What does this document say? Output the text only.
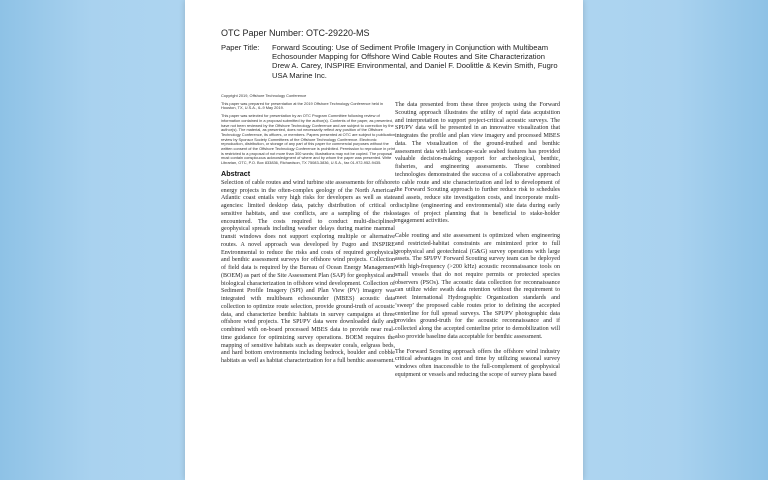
OTC Paper Number: OTC-29220-MS

Paper Title:	Forward Scouting: Use of Sediment Profile Imagery in Conjunction with Multibeam Echosounder Mapping for Offshore Wind Cable Routes and Site Characterization
Drew A. Carey, INSPIRE Environmental, and Daniel F. Doolittle & Kevin Smith, Fugro USA Marine Inc.

Copyright 2019, Offshore Technology Conference

This paper was prepared for presentation at the 2019 Offshore Technology Conference held in Houston, TX, U.S.A., 6–9 May 2019.

This paper was selected for presentation by an OTC Program Committee following review of information contained in a proposal submitted by the author(s). Contents of the paper, as presented, have not been reviewed by the Offshore Technology Conference and are subject to correction by the author(s). The material, as presented, does not necessarily reflect any position of the Offshore Technology Conference, its officers, or members. Papers presented at OTC are subject to publication review by Sponsor Society Committees of the Offshore Technology Conference. Electronic reproduction, distribution, or storage of any part of this paper for commercial purposes without the written consent of the Offshore Technology Conference is prohibited. Permission to reproduce in print is restricted to a proposal of not more than 300 words; illustrations may not be copied. The proposal must contain conspicuous acknowledgment of where and by whom the paper was presented. Write Librarian, OTC, P.O. Box 833836, Richardson, TX 75083-3836, U.S.A., fax 01-972-952-9435.

Abstract

Selection of cable routes and wind turbine site assessments for offshore energy projects in the often-complex geology of the North American Atlantic coast entails very high risks for developers as well as state agencies: limited desktop data, patchy distribution of critical or sensitive habitats, and use conflicts, are a sampling of the risks encountered. The costs required to conduct multi-disciplined geophysical spreads including weather delays during marine mammal transit windows does not support exploring multiple or alternative routes. A novel approach was developed by Fugro and INSPIRE Environmental to reduce the risks and costs of required geophysical and benthic assessment surveys for offshore wind projects. Collection of field data is required by the Bureau of Ocean Energy Management (BOEM) as part of the Site Assessment Plan (SAP) for geophysical and biological characterization in offshore wind development. Collection of Sediment Profile Imagery (SPI) and Plan View (PV) imagery was integrated with multibeam echosounder (MBES) acoustic data collection to optimize route selection, provide ground-truth of acoustic data, and characterize benthic habitats in survey campaigns at three offshore wind projects. The SPI/PV data were downloaded daily and combined with on-board processed MBES data to provide near real-time guidance for optimizing survey operations. BOEM requires the mapping of sensitive habitats such as deepwater corals, eelgrass beds, and hard bottom environments including bedrock, boulder and cobble habitats as well as habitat characterization for a full benthic assessment.

The data presented from these three projects using the Forward Scouting approach illustrates the utility of rapid data acquisition and interpretation to support project-critical acoustic surveys. The SPI/PV data will be presented in an innovative visualization that integrates the profile and plan view imagery and processed MBES data. The visualization of the ground-truthed and benthic assessment data with landscape-scale seabed features has provided valuable decision-making support for archeological, benthic, fisheries, and engineering assessments. These combined technologies demonstrated the success of a collaborative approach to cable route and site characterization and led to development of the Forward Scouting approach to further reduce risk to schedules and assets, reduce site investigation costs, and incorporate multi-discipline (engineering and environmental) site data during early stages of project planning that is beneficial to stake-holder engagement activities.

Cable routing and site assessment is optimized when engineering and restricted-habitat constraints are minimized prior to full geophysical and geotechnical (G&G) survey operations with large assets. The SPI/PV Forward Scouting survey team can be deployed with high-frequency (>200 kHz) acoustic reconnaissance tools on small vessels that do not require permits or protected species observers (PSOs). The acoustic data collection for reconnaissance can utilize wider swath data retention without the requirement to meet International Hydrographic Organization standards and ‘sweep’ the proposed cable routes prior to defining the accepted centerline for full spread surveys. The SPI/PV photographic data provides ground-truth for the acoustic reconnaissance and if collected along the accepted centerline prior to demobilization will also provide baseline data acceptable for benthic assessment.

The Forward Scouting approach offers the offshore wind industry critical advantages in cost and time by utilizing seasonal survey windows often inaccessible to the full-complement of geophysical equipment or vessels and reducing the scope of survey plans based
